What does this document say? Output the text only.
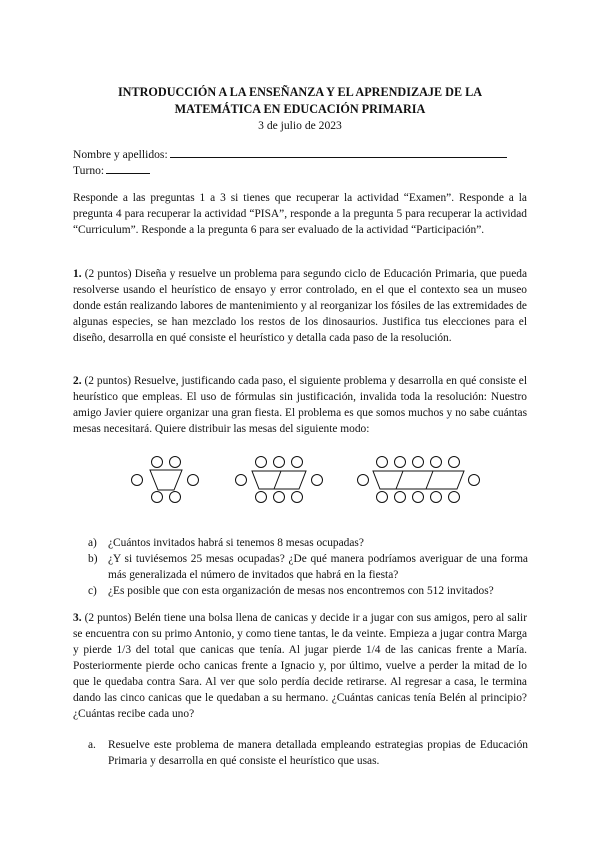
INTRODUCCIÓN A LA ENSEÑANZA Y EL APRENDIZAJE DE LA
MATEMÁTICA EN EDUCACIÓN PRIMARIA
3 de julio de 2023
Nombre y apellidos:
Turno:
Responde a las preguntas 1 a 3 si tienes que recuperar la actividad “Examen”. Responde a la pregunta 4 para recuperar la actividad “PISA”, responde a la pregunta 5 para recuperar la actividad “Curriculum”. Responde a la pregunta 6 para ser evaluado de la actividad “Participación”.
1. (2 puntos) Diseña y resuelve un problema para segundo ciclo de Educación Primaria, que pueda resolverse usando el heurístico de ensayo y error controlado, en el que el contexto sea un museo donde están realizando labores de mantenimiento y al reorganizar los fósiles de las extremidades de algunas especies, se han mezclado los restos de los dinosaurios. Justifica tus elecciones para el diseño, desarrolla en qué consiste el heurístico y detalla cada paso de la resolución.
2. (2 puntos) Resuelve, justificando cada paso, el siguiente problema y desarrolla en qué consiste el heurístico que empleas. El uso de fórmulas sin justificación, invalida toda la resolución: Nuestro amigo Javier quiere organizar una gran fiesta. El problema es que somos muchos y no sabe cuántas mesas necesitará. Quiere distribuir las mesas del siguiente modo:
a) ¿Cuántos invitados habrá si tenemos 8 mesas ocupadas?
b) ¿Y si tuviésemos 25 mesas ocupadas? ¿De qué manera podríamos averiguar de una forma más generalizada el número de invitados que habrá en la fiesta?
c) ¿Es posible que con esta organización de mesas nos encontremos con 512 invitados?
3. (2 puntos) Belén tiene una bolsa llena de canicas y decide ir a jugar con sus amigos, pero al salir se encuentra con su primo Antonio, y como tiene tantas, le da veinte. Empieza a jugar contra Marga y pierde 1/3 del total que canicas que tenía. Al jugar pierde 1/4 de las canicas frente a María. Posteriormente pierde ocho canicas frente a Ignacio y, por último, vuelve a perder la mitad de lo que le quedaba contra Sara. Al ver que solo perdía decide retirarse. Al regresar a casa, le termina dando las cinco canicas que le quedaban a su hermano. ¿Cuántas canicas tenía Belén al principio? ¿Cuántas recibe cada uno?
a.	Resuelve este problema de manera detallada empleando estrategias propias de Educación Primaria y desarrolla en qué consiste el heurístico que usas.
